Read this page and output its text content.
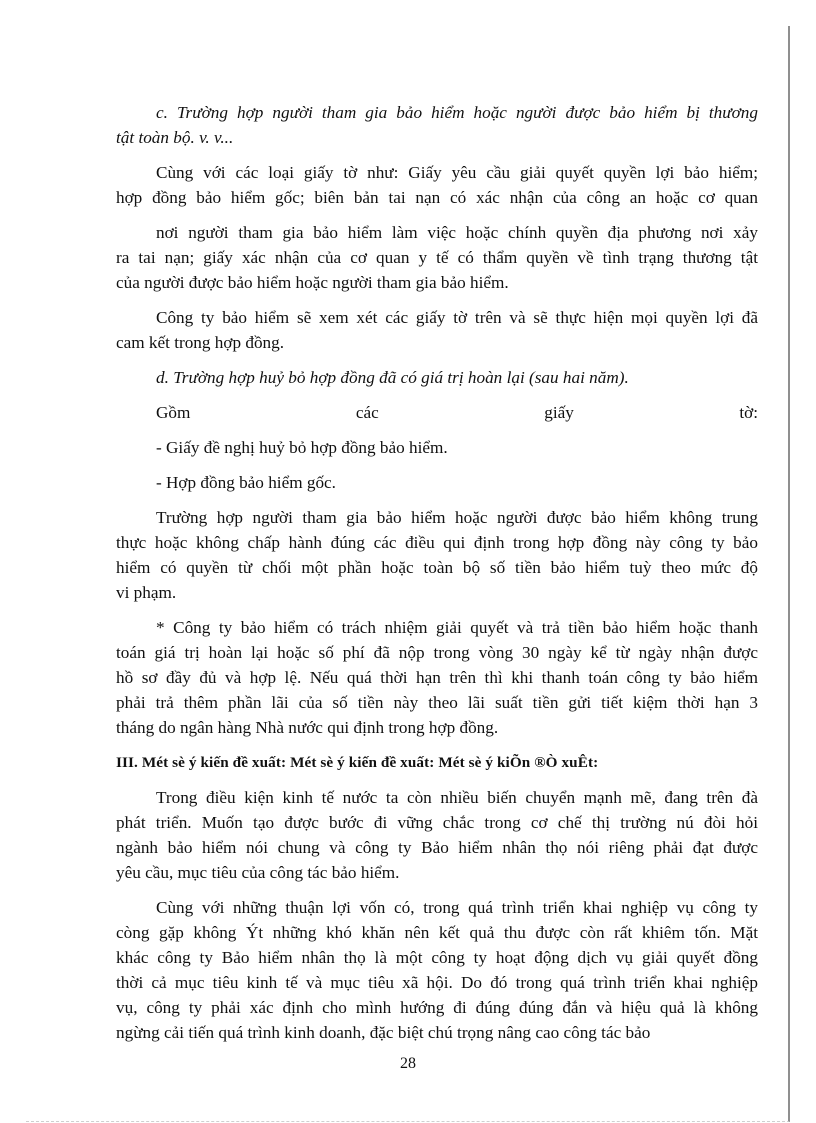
c. Trường hợp người tham gia bảo hiểm hoặc người được bảo hiểm bị thương
tật toàn bộ. v. v...
Cùng với các loại giấy tờ như: Giấy yêu cầu giải quyết quyền lợi bảo hiểm;
hợp đồng bảo hiểm gốc; biên bản tai nạn có xác nhận của công an hoặc cơ quan
nơi người tham gia bảo hiểm làm việc hoặc chính quyền địa phương nơi xảy
ra tai nạn; giấy xác nhận của cơ quan y tế có thẩm quyền về tình trạng thương tật
của người được bảo hiểm hoặc người tham gia bảo hiểm.
Công ty bảo hiểm sẽ xem xét các giấy tờ trên và sẽ thực hiện mọi quyền lợi đã
cam kết trong hợp đồng.
d. Trường hợp huỷ bỏ hợp đồng đã có giá trị hoàn lại (sau hai năm).
Gồm các giấy tờ:
- Giấy đề nghị huỷ bỏ hợp đồng bảo hiểm.
- Hợp đồng bảo hiểm gốc.
Trường hợp người tham gia bảo hiểm hoặc người được bảo hiểm không trung
thực hoặc không chấp hành đúng các điều qui định trong hợp đồng này công ty bảo
hiểm có quyền từ chối một phần hoặc toàn bộ số tiền bảo hiểm tuỳ theo mức độ
vi phạm.
* Công ty bảo hiểm có trách nhiệm giải quyết và trả tiền bảo hiểm hoặc thanh
toán giá trị hoàn lại hoặc số phí đã nộp trong vòng 30 ngày kể từ ngày nhận được
hồ sơ đầy đủ và hợp lệ. Nếu quá thời hạn trên thì khi thanh toán công ty bảo hiểm
phải trả thêm phần lãi của số tiền này theo lãi suất tiền gửi tiết kiệm thời hạn 3
tháng do ngân hàng Nhà nước qui định trong hợp đồng.
III. Mét sè ý kiến đề xuất: Mét sè ý kiến đề xuất: Mét sè ý kiÕn ®Ò xuÊt:
Trong điều kiện kinh tế nước ta còn nhiều biến chuyển mạnh mẽ, đang trên đà
phát triển. Muốn tạo được bước đi vững chắc trong cơ chế thị trường nú đòi hỏi
ngành bảo hiểm nói chung và công ty Bảo hiểm nhân thọ nói riêng phải đạt được
yêu cầu, mục tiêu của công tác bảo hiểm.
Cùng với những thuận lợi vốn có, trong quá trình triển khai nghiệp vụ công ty
còng gặp không Ýt những khó khăn nên kết quả thu được còn rất khiêm tốn. Mặt
khác công ty Bảo hiểm nhân thọ là một công ty hoạt động dịch vụ giải quyết đồng
thời cả mục tiêu kinh tế và mục tiêu xã hội. Do đó trong quá trình triển khai nghiệp
vụ, công ty phải xác định cho mình hướng đi đúng đúng đắn và hiệu quả là không
ngừng cải tiến quá trình kinh doanh, đặc biệt chú trọng nâng cao công tác bảo
28
